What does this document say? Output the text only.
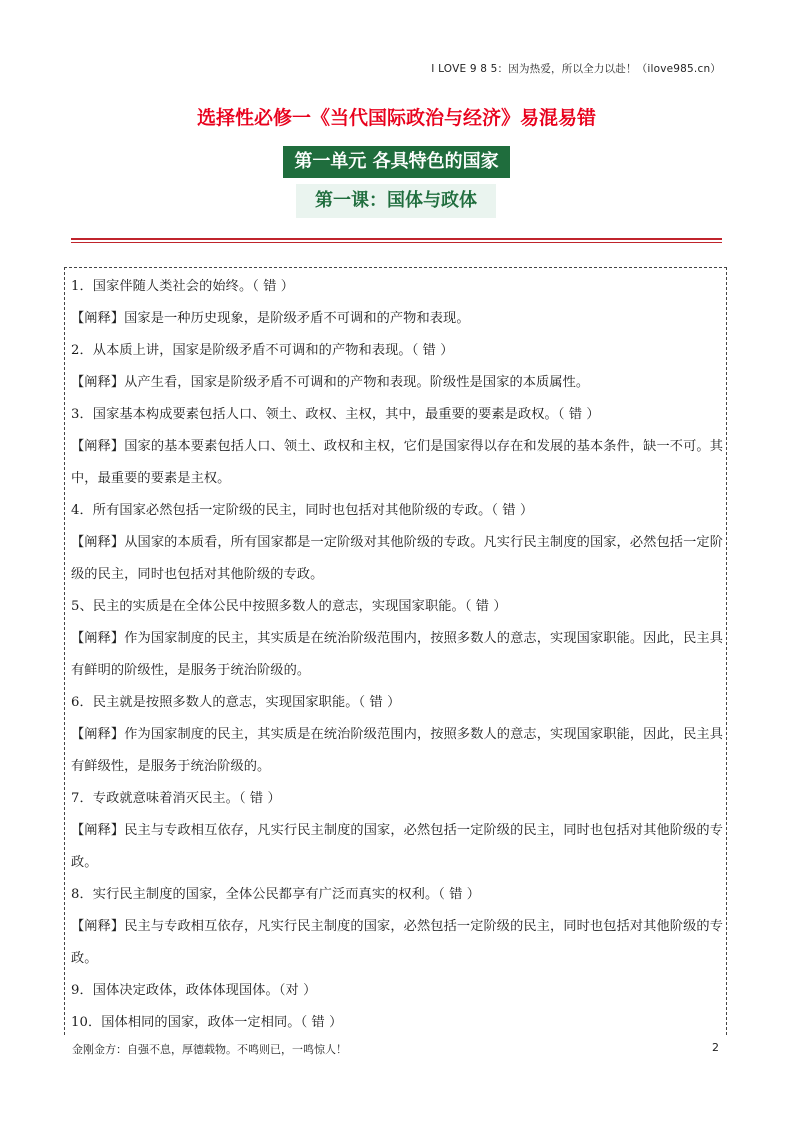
I LOVE 9 8 5：因为热爱，所以全力以赴！（ilove985.cn）
选择性必修一《当代国际政治与经济》易混易错
第一单元 各具特色的国家
第一课：国体与政体

1．国家伴随人类社会的始终。（ 错 ）

【阐释】国家是一种历史现象，是阶级矛盾不可调和的产物和表现。

2．从本质上讲，国家是阶级矛盾不可调和的产物和表现。（ 错 ）

【阐释】从产生看，国家是阶级矛盾不可调和的产物和表现。阶级性是国家的本质属性。

3．国家基本构成要素包括人口、领土、政权、主权，其中，最重要的要素是政权。（ 错 ）

【阐释】国家的基本要素包括人口、领土、政权和主权，它们是国家得以存在和发展的基本条件，缺一不可。其中，最重要的要素是主权。

4．所有国家必然包括一定阶级的民主，同时也包括对其他阶级的专政。（ 错 ）

【阐释】从国家的本质看，所有国家都是一定阶级对其他阶级的专政。凡实行民主制度的国家，必然包括一定阶级的民主，同时也包括对其他阶级的专政。

5、民主的实质是在全体公民中按照多数人的意志，实现国家职能。（ 错 ）

【阐释】作为国家制度的民主，其实质是在统治阶级范围内，按照多数人的意志，实现国家职能。因此，民主具有鲜明的阶级性，是服务于统治阶级的。

6．民主就是按照多数人的意志，实现国家职能。（ 错 ）

【阐释】作为国家制度的民主，其实质是在统治阶级范围内，按照多数人的意志，实现国家职能，因此，民主具有鲜级性，是服务于统治阶级的。

7．专政就意味着消灭民主。（ 错 ）

【阐释】民主与专政相互依存，凡实行民主制度的国家，必然包括一定阶级的民主，同时也包括对其他阶级的专政。

8．实行民主制度的国家，全体公民都享有广泛而真实的权利。（ 错 ）

【阐释】民主与专政相互依存，凡实行民主制度的国家，必然包括一定阶级的民主，同时也包括对其他阶级的专政。

9．国体决定政体，政体体现国体。（对 ）

10．国体相同的国家，政体一定相同。（ 错 ）

金刚金方：自强不息，厚德载物。不鸣则已，一鸣惊人！	2
